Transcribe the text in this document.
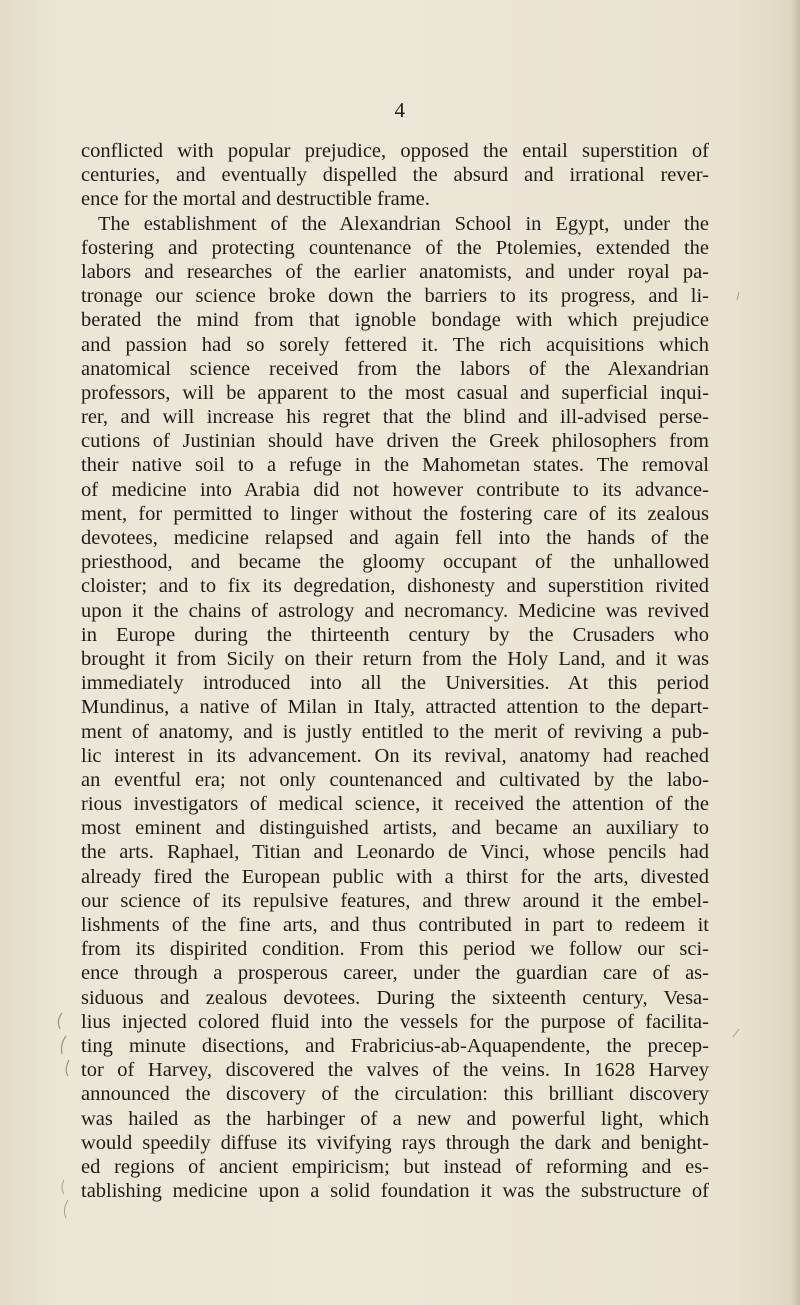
4
conflicted with popular prejudice, opposed the entail superstition of
centuries, and eventually dispelled the absurd and irrational rever-
ence for the mortal and destructible frame.
The establishment of the Alexandrian School in Egypt, under the
fostering and protecting countenance of the Ptolemies, extended the
labors and researches of the earlier anatomists, and under royal pa-
tronage our science broke down the barriers to its progress, and li-
berated the mind from that ignoble bondage with which prejudice
and passion had so sorely fettered it. The rich acquisitions which
anatomical science received from the labors of the Alexandrian
professors, will be apparent to the most casual and superficial inqui-
rer, and will increase his regret that the blind and ill-advised perse-
cutions of Justinian should have driven the Greek philosophers from
their native soil to a refuge in the Mahometan states. The removal
of medicine into Arabia did not however contribute to its advance-
ment, for permitted to linger without the fostering care of its zealous
devotees, medicine relapsed and again fell into the hands of the
priesthood, and became the gloomy occupant of the unhallowed
cloister; and to fix its degredation, dishonesty and superstition rivited
upon it the chains of astrology and necromancy. Medicine was revived
in Europe during the thirteenth century by the Crusaders who
brought it from Sicily on their return from the Holy Land, and it was
immediately introduced into all the Universities. At this period
Mundinus, a native of Milan in Italy, attracted attention to the depart-
ment of anatomy, and is justly entitled to the merit of reviving a pub-
lic interest in its advancement. On its revival, anatomy had reached
an eventful era; not only countenanced and cultivated by the labo-
rious investigators of medical science, it received the attention of the
most eminent and distinguished artists, and became an auxiliary to
the arts. Raphael, Titian and Leonardo de Vinci, whose pencils had
already fired the European public with a thirst for the arts, divested
our science of its repulsive features, and threw around it the embel-
lishments of the fine arts, and thus contributed in part to redeem it
from its dispirited condition. From this period we follow our sci-
ence through a prosperous career, under the guardian care of as-
siduous and zealous devotees. During the sixteenth century, Vesa-
lius injected colored fluid into the vessels for the purpose of facilita-
ting minute disections, and Frabricius-ab-Aquapendente, the precep-
tor of Harvey, discovered the valves of the veins. In 1628 Harvey
announced the discovery of the circulation: this brilliant discovery
was hailed as the harbinger of a new and powerful light, which
would speedily diffuse its vivifying rays through the dark and benight-
ed regions of ancient empiricism; but instead of reforming and es-
tablishing medicine upon a solid foundation it was the substructure of
